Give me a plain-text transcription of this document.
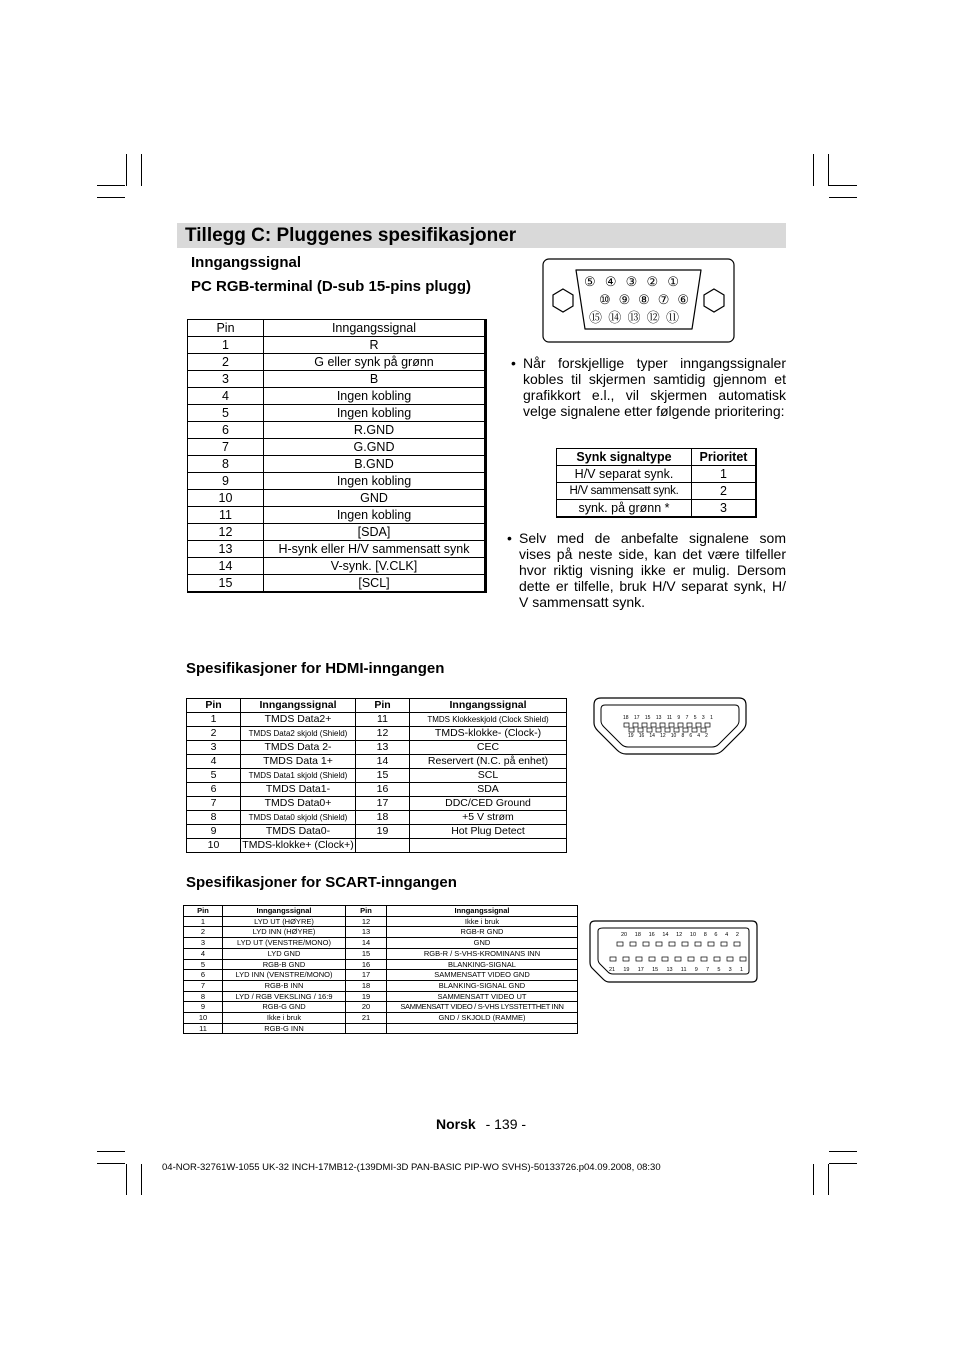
Tillegg C: Pluggenes spesifikasjoner
Inngangssignal
PC RGB-terminal (D-sub 15-pins plugg)
Pin	Inngangssignal
1	R
2	G eller synk på grønn
3	B
4	Ingen kobling
5	Ingen kobling
6	R.GND
7	G.GND
8	B.GND
9	Ingen kobling
10	GND
11	Ingen kobling
12	[SDA]
13	H-synk eller H/V sammensatt synk
14	V-synk. [V.CLK]
15	[SCL]
⑤ ④ ③ ② ①
⑩ ⑨ ⑧ ⑦ ⑥
⑮ ⑭ ⑬ ⑫ ⑪
• Når forskjellige typer inngangssignaler kobles til skjermen samtidig gjennom et grafikkort e.l., vil skjermen automatisk velge signalene etter følgende prioritering:
Synk signaltype	Prioritet
H/V separat synk.	1
H/V sammensatt synk.	2
synk. på grønn *	3
• Selv med de anbefalte signalene som vises på neste side, kan det være tilfeller hvor riktig visning ikke er mulig. Dersom dette er tilfelle, bruk H/V separat synk, H/ V sammensatt synk.
Spesifikasjoner for HDMI-inngangen
Pin	Inngangssignal	Pin	Inngangssignal
1	TMDS Data2+	11	TMDS Klokkeskjold (Clock Shield)
2	TMDS Data2 skjold (Shield)	12	TMDS-klokke- (Clock-)
3	TMDS Data 2-	13	CEC
4	TMDS Data 1+	14	Reservert (N.C. på enhet)
5	TMDS Data1 skjold (Shield)	15	SCL
6	TMDS Data1-	16	SDA
7	TMDS Data0+	17	DDC/CED Ground
8	TMDS Data0 skjold (Shield)	18	+5 V strøm
9	TMDS Data0-	19	Hot Plug Detect
10	TMDS-klokke+ (Clock+)		
18 17 15 13 11 9 7 5 3 1
19 16 14 12 10 8 6 4 2
Spesifikasjoner for SCART-inngangen
Pin	Inngangssignal	Pin	Inngangssignal
1	LYD UT (HØYRE)	12	Ikke i bruk
2	LYD INN (HØYRE)	13	RGB-R GND
3	LYD UT (VENSTRE/MONO)	14	GND
4	LYD GND	15	RGB-R / S-VHS-KROMINANS INN
5	RGB-B GND	16	BLANKING-SIGNAL
6	LYD INN (VENSTRE/MONO)	17	SAMMENSATT VIDEO GND
7	RGB-B INN	18	BLANKING-SIGNAL GND
8	LYD / RGB VEKSLING / 16:9	19	SAMMENSATT VIDEO UT
9	RGB-G GND	20	SAMMENSATT VIDEO / S-VHS LYSSTETTHET INN
10	Ikke i bruk	21	GND / SKJOLD (RAMME)
11	RGB-G INN		
20 18 16 14 12 10 8 6 4 2
21 19 17 15 13 11 9 7 5 3 1
Norsk - 139 -
04-NOR-32761W-1055 UK-32 INCH-17MB12-(139DMI-3D PAN-BASIC PIP-WO SVHS)-50133726.p04.09.2008, 08:30
